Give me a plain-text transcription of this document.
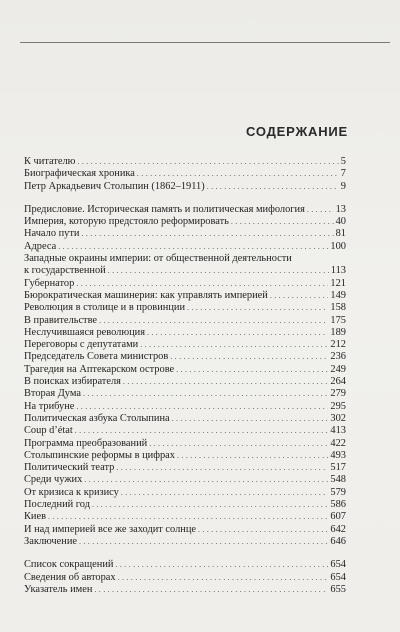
СОДЕРЖАНИЕ
К читателю . . .	5
Биографическая хроника . . .	7
Петр Аркадьевич Столыпин (1862–1911) . . .	9
Предисловие. Историческая память и политическая мифология . . .	13
Империя, которую предстояло реформировать . . .	40
Начало пути . . .	81
Адреса . . .	100
Западные окраины империи: от общественной деятельности
к государственной . . .	113
Губернатор . . .	121
Бюрократическая машинерия: как управлять империей . . .	149
Революция в столице и в провинции . . .	158
В правительстве . . .	175
Неслучившаяся революция . . .	189
Переговоры с депутатами . . .	212
Председатель Совета министров . . .	236
Трагедия на Аптекарском острове . . .	249
В поисках избирателя . . .	264
Вторая Дума . . .	279
На трибуне . . .	295
Политическая азбука Столыпина . . .	302
Coup d’état . . .	413
Программа преобразований . . .	422
Столыпинские реформы в цифрах . . .	493
Политический театр . . .	517
Среди чужих . . .	548
От кризиса к кризису . . .	579
Последний год . . .	586
Киев . . .	607
И над империей все же заходит солнце . . .	642
Заключение . . .	646
Список сокращений . . .	654
Сведения об авторах . . .	654
Указатель имен . . .	655
